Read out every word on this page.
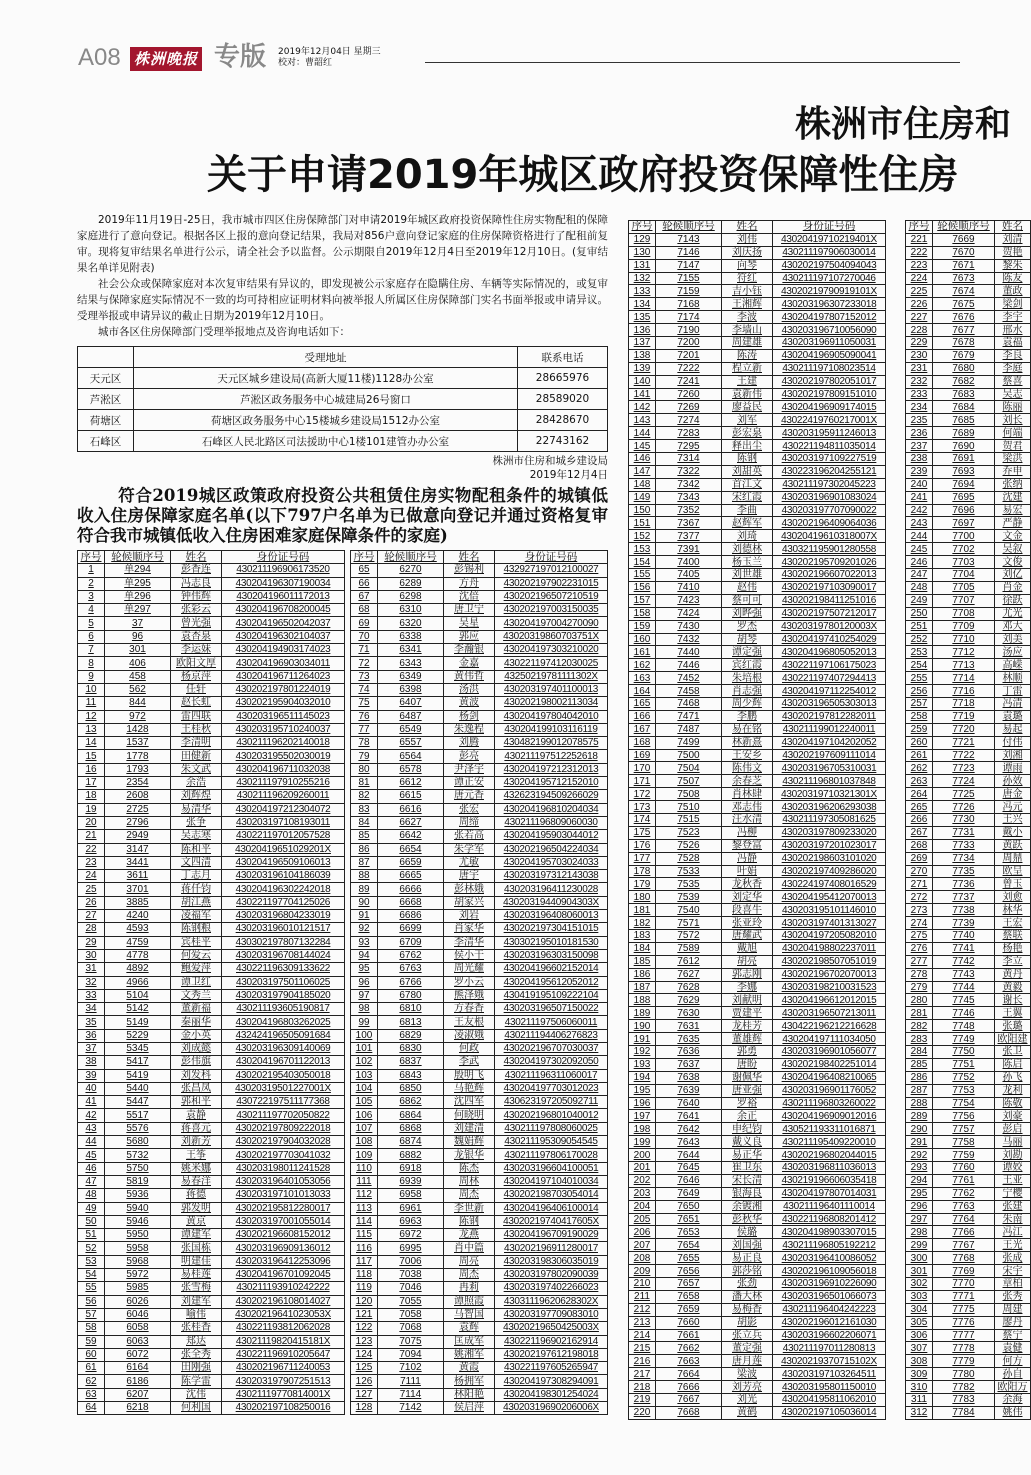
A08 株洲晚报 专版 2019年12月04日 星期三
校对：曹韶红
株洲市住房和
关于申请2019年城区政府投资保障性住房

2019年11月19日-25日，我市城市四区住房保障部门对申请2019年城区政府投资保障性住房实物配租的保障家庭进行了意向登记。根据各区上报的意向登记结果，我局对856户意向登记家庭的住房保障资格进行了配租前复审。现将复审结果名单进行公示，请全社会予以监督。公示期限自2019年12月4日至2019年12月10日。(复审结果名单详见附表)

社会公众或保障家庭对本次复审结果有异议的，即发现被公示家庭存在隐瞒住房、车辆等实际情况的，或复审结果与保障家庭实际情况不一致的均可持相应证明材料向被举报人所属区住房保障部门实名书面举报或申请异议。受理举报或申请异议的截止日期为2019年12月10日。

城市各区住房保障部门受理举报地点及咨询电话如下：

	受理地址	联系电话
天元区	天元区城乡建设局(高新大厦11楼)1128办公室	28665976
芦淞区	芦淞区政务服务中心城建局26号窗口	28589020
荷塘区	荷塘区政务服务中心15楼城乡建设局1512办公室	28428670
石峰区	石峰区人民北路区司法援助中心1楼101建管办办公室	22743162
株洲市住房和城乡建设局
2019年12月4日
符合2019城区政策政府投资公共租赁住房实物配租条件的城镇低收入住房保障家庭名单(以下797户名单为已做意向登记并通过资格复审符合我市城镇低收入住房困难家庭保障条件的家庭)
序号	轮候顺序号	姓名	身份证号码
1	单294	彭香连	430211196906173520
2	单295	冯志良	430204196307190034
3	单296	钟伟辉	430204196011172013
4	单297	张彩云	430204196708200045
5	37	曾光强	430204196502042037
6	96	袁杏泉	430204196302104037
7	301	李运妹	430204194903174023
8	406	欧阳文厚	430204196903034011
9	458	杨京萍	430204196711264023
10	562	任轩	430202197801224019
11	844	赵长虹	430202195904032010
12	972	雷四联	430203196511145023
13	1428	王桂秋	430203195710240037
14	1537	李清明	430211196202140018
15	1778	田健新	430203195502030019
16	1793	朱文武	430204196711032038
17	2354	余浩	430211197910255216
18	2608	刘辉煌	430211196209260011
19	2725	易清华	430204197212304072
20	2796	张争	430203197108193011
21	2949	吴志寒	430221197012057528
22	3147	陈和平	43020419651029201X
23	3441	文四清	430204196509106013
24	3611	丁志月	430203196104186039
25	3701	蒋仟钧	430204196302242018
26	3885	胡江燕	430221197704125026
27	4240	凌福军	430203196804233019
28	4593	陈钢粮	430203196010121517
29	4759	宾桂平	430302197807132284
30	4778	何爱云	430203196708144024
31	4892	鲍爱萍	430221196309133622
32	4966	谭卫红	430203197501106025
33	5104	文秀兰	430203197904185020
34	5142	董新福	430211193605190817
35	5149	秦丽华	430204196803262025
36	5229	金小英	432424196505091684
37	5345	刘成懿	430203196309140069
38	5417	彭伟旗	430204196701122013
39	5419	刘发科	430202195403050018
40	5440	张昌凤	43020319501227001X
41	5447	郭和平	430722197511177368
42	5517	袁静	430211197702050822
43	5576	蒋喜元	430202197809222018
44	5680	刘新芳	430202197904032028
45	5732	王筝	430202197703041032
46	5750	姚米娜	430203198011241528
47	5819	易春洋	430203196401053056
48	5936	蒋德	430203197101013033
49	5940	郭发明	430202195812280017
50	5946	黄京	430203197001055014
51	5950	谭建军	430202196608152012
52	5958	张国栋	430203196909136012
53	5968	明建佳	430203196412253096
54	5972	易桂莲	430204196701092045
55	5985	张雪梅	430211193910242222
56	6026	刘建军	430202196108014027
57	6046	喻伟	43020219641023053X
58	6058	张桂香	430221193812062028
59	6063	郑达	43021119820415181X
60	6072	张全秀	430221196910205647
61	6164	田刚强	430202196711240053
62	6186	陈学雷	430203197907251513
63	6207	沈伟	43021119770814001X
64	6218	何利国	430202197108250016
序号	轮候顺序号	姓名	身份证号码
65	6270	彭锡利	432927197012100027
66	6289	方舟	430202197902231015
67	6298	沈倍	430202196507210519
68	6310	唐卫宁	430202197003150035
69	6320	吴星	430204197004270090
70	6338	郭应	43020319860703751X
71	6341	李瀚银	430204197303210020
72	6343	金嘉	430221197412030025
73	6349	黄伟哲	43250219781111302X
74	6398	汤洪	430203197401100013
75	6407	黄波	430202198002113034
76	6487	杨剑	430204197804042010
77	6549	朱逸程	430204199103116119
78	6557	刘腾	430482199012078575
79	6564	彭亮	430211197512252618
80	6578	尹泽宇	430204197212312013
81	6612	谭正安	430204195712152010
82	6615	唐元香	432623194509266029
83	6616	张宏	430204196810204034
84	6627	周缔	430211196809060030
85	6642	张若高	430204195903044012
86	6654	朱学军	430202196504224034
87	6659	尤敏	430204195703024033
88	6665	唐宇	430203197312143038
89	6666	彭林娥	430203196411230028
90	6668	胡家兴	43020319440904303X
91	6686	刘岩	430203196408060013
92	6699	肖家华	430202197304151015
93	6709	李清华	430302195010181530
94	6762	侯小干	430203196303150098
95	6763	周光耀	430204196602152014
96	6766	罗小云	430204195612052012
97	6780	熊泽娥	430419195109222104
98	6810	方春香	430203196507150022
99	6813	王友根	430211197506060011
100	6829	凌淑娥	430211194406276823
101	6830	何政	430202196707030037
102	6837	李武	430204197302092050
103	6843	殷明飞	430211196311060017
104	6850	马艳辉	430204197703012023
105	6862	沈四军	430623197205092711
106	6864	何晓明	430202196801040012
107	6868	刘建清	430211197808060025
108	6874	魏娟辉	430211195309054545
109	6882	龙银华	430211197806170028
110	6918	陈杰	430203196604100051
111	6939	周林	430204197104010034
112	6958	周杰	430202198703054014
113	6961	李世新	430204196406100014
114	6963	陈钢	43020219740417605X
115	6972	龙燕	430204196709190029
116	6995	肖中篇	430202196911280017
117	7006	周亮	430203198306035019
118	7038	周杰	430203197802090039
119	7046	冉莉	430203197402266023
120	7055	谭照霞	43031119620628302X
121	7058	马智国	430203197709083010
122	7068	袁辉	43020219650425003X
123	7075	匡成军	430221196902162914
124	7094	姚湘军	430202197612198018
125	7102	黄霞	430221197605265947
126	7111	杨拥军	430204197308294091
127	7114	林阳艳	430204198301254024
128	7142	侯启萍	43020319690206006X
序号	轮候顺序号	姓名	身份证号码
129	7143	刘伟	43020419710219401X
130	7146	刘庆扬	430211197906030014
131	7147	向琴	430202197504094043
132	7155	符红	430211197107270046
133	7159	吉小钰	43020219790919101X
134	7168	王湘辉	430203196307233018
135	7174	李波	430204197807152012
136	7190	李墙山	430203196710056090
137	7200	周建雄	430203196911050031
138	7201	陈涛	430204196905090041
139	7222	程立新	430211197108023514
140	7241	王建	430202197802051017
141	7260	袁新伟	430202197809151010
142	7269	廖益民	430204196909174015
143	7274	刘军	43022419760217001X
144	7283	彭宏泉	430203195911246013
145	7295	释出尘	430221194811035014
146	7314	陈钢	430203197109227519
147	7322	刘甜英	430223196204255121
148	7342	首江文	430211197302045223
149	7343	宋红霞	430203196901083024
150	7352	李曲	430203197707090022
151	7367	赵辉军	430202196409064036
152	7377	刘琦	43020419610318007X
153	7391	刘德林	430321195901280558
154	7400	杨玉兰	430202195709201026
155	7405	刘世雄	430202196607022013
156	7410	赵伟	430202197103090017
157	7423	蔡可可	430202198411251016
158	7424	刘晔强	430202197507212017
159	7430	罗杰	43020319780120003X
160	7432	胡琴	430204197410254029
161	7440	谭定强	430204196805052013
162	7446	宾红霞	430221197106175023
163	7452	朱培根	430221197407294413
164	7458	肖志强	430204197112254012
165	7468	周少辉	430203196505303013
166	7471	李鹏	430202197812282011
167	7487	易在铭	430211199012240011
168	7499	林新熹	430204197104202052
169	7500	王安乡	430202197609111014
170	7504	陈伟文	430203196705310031
171	7507	余春芝	430211196801037848
172	7508	肖林肆	43020319710321301X
173	7510	邓志伟	430203196206293038
174	7515	汪水清	430211197305081625
175	7523	冯柳	430203197809233020
176	7526	黎登富	430203197201023017
177	7528	冯静	430202198603101020
178	7533	叶娟	430202197409286020
179	7535	龙秋香	430224197408016529
180	7539	刘定华	430204195412070013
181	7540	段喜牛	430203195101146010
182	7571	张亚玲	430203197401313027
183	7572	唐耀武	430204197205082010
184	7589	戴旭	430204198802237011
185	7612	胡亮	430202198507051019
186	7627	郭志刚	430202196702070013
187	7628	李娜	430203198210031523
188	7629	刘献明	430204196612012015
189	7630	贾建平	430203196507213011
190	7631	龙桂芳	430422196212216628
191	7635	董雄辉	430204197111034050
192	7636	郭勇	430203196901056077
193	7637	唐盼	430202198402251014
194	7638	谢佩华	430204196408210065
195	7639	唐亚强	430203196901176052
196	7640	罗裕	430211196803260022
197	7641	余正	430204196909012016
198	7642	申纪钧	430521193311016871
199	7643	戴义良	430211195409220010
200	7644	易正华	430202196802044015
201	7645	崔卫东	430203196811036013
202	7646	宋长清	430219196606035418
203	7649	银海良	430204197807014031
204	7650	余镀湘	430211196401110014
205	7651	彭秋华	430221196808201412
206	7653	侯璐	430204198903307015
207	7654	刘国强	430211196805192212
208	7655	易正良	430203196410086052
209	7656	郭莎铭	430202196109056018
210	7657	张劲	430203196910226090
211	7658	潘大林	430203196501066073
212	7659	易梅香	430211196404242223
213	7660	胡影	430202196012161030
214	7661	张立兵	430203196602206071
215	7662	董定强	430211197011280813
216	7663	唐月莲	43020219370715102X
217	7664	梁波	430203197103264511
218	7666	刘芳亮	430203195801150010
219	7667	刘光	430204195811062010
220	7668	黄鹤	430202197105036014
序号	轮候顺序号	姓名
221	7669	刘清
222	7670	贺艳
223	7671	黎朱
224	7673	陈友
225	7674	董政
226	7675	梁剑
227	7676	李宇
228	7677	邢水
229	7678	袁福
230	7679	李良
231	7680	李庭
232	7682	蔡喜
233	7683	吴志
234	7684	陈丽
235	7685	刘长
236	7689	何端
237	7690	贺君
238	7691	梁洪
239	7693	乔申
240	7694	张纳
241	7695	沈建
242	7696	易宏
243	7697	严静
244	7700	文金
245	7702	吴叙
246	7703	文俊
247	7704	刘亿
248	7705	肖金
249	7707	徐跃
250	7708	尤光
251	7709	邓大
252	7710	刘美
253	7712	汤应
254	7713	高嵘
255	7714	林顺
256	7716	丁雷
257	7718	冯清
258	7719	袁璐
259	7720	易起
260	7721	付伟
261	7722	刘湘
262	7723	谭雨
263	7724	孙效
264	7725	唐金
265	7726	冯元
266	7730	王兴
267	7731	戴小
268	7733	黄跃
269	7734	周鼎
270	7735	欧呈
271	7736	曾玉
272	7737	刘愈
273	7738	林华
274	7739	王宏
275	7740	蔡联
276	7741	杨艳
277	7742	李立
278	7743	黄丹
279	7744	黄毅
280	7745	谢长
281	7746	王翼
282	7748	张璐
283	7749	欧阳建
284	7750	张卫
285	7751	陈启
286	7752	孙飞
287	7753	龙利
288	7754	陈敬
289	7756	刘豪
290	7757	彭启
291	7758	马丽
292	7759	刘勘
293	7760	谭姣
294	7761	王亚
295	7762	宁樱
296	7763	张建
297	7764	朱南
298	7766	冯江
299	7767	王光
300	7768	张成
301	7769	宋宇
302	7770	章柏
303	7771	张秀
304	7775	周建
305	7776	廖丹
306	7777	蔡宁
307	7778	袁健
308	7779	何方
309	7780	孙自
310	7782	欧阳万
311	7783	余海
312	7784	姚伟
